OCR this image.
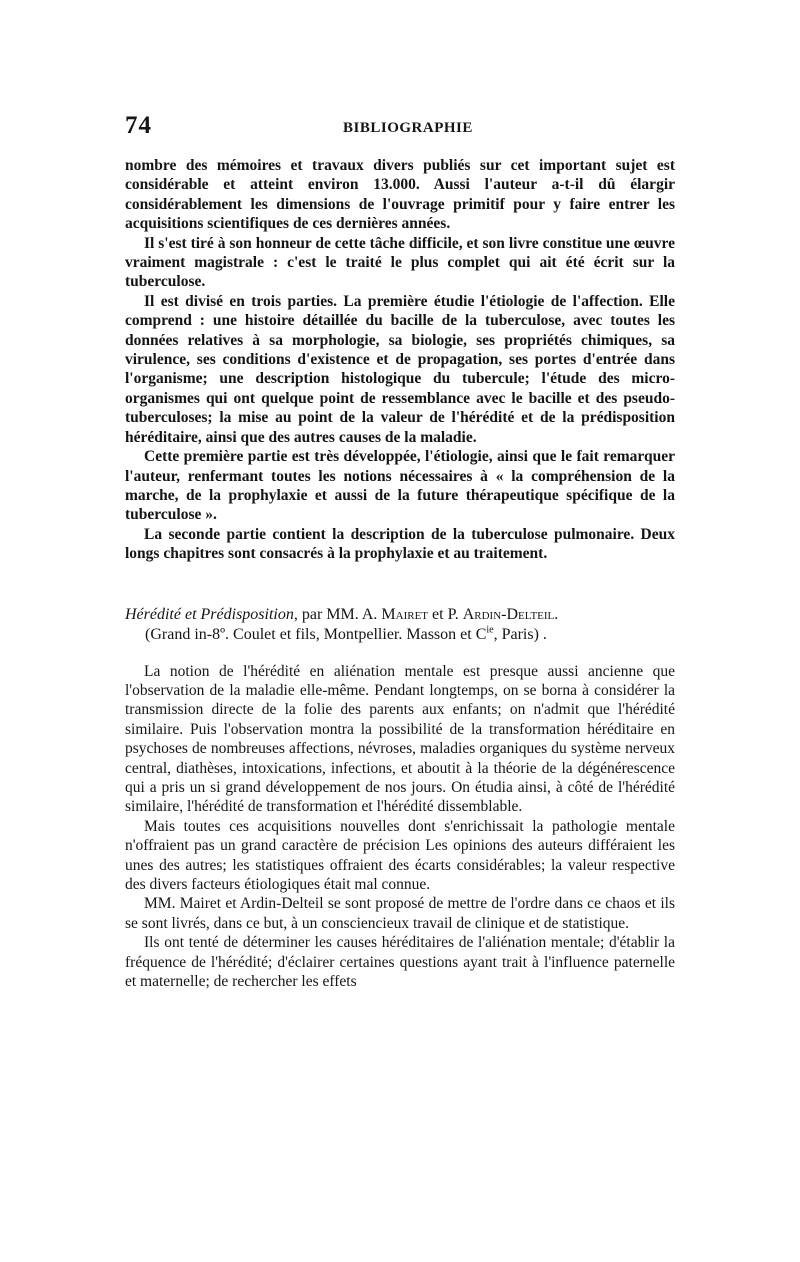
74	BIBLIOGRAPHIE

nombre des mémoires et travaux divers publiés sur cet important sujet est considérable et atteint environ 13.000. Aussi l'auteur a-t-il dû élargir considérablement les dimensions de l'ouvrage primitif pour y faire entrer les acquisitions scientifiques de ces dernières années.

Il s'est tiré à son honneur de cette tâche difficile, et son livre constitue une œuvre vraiment magistrale : c'est le traité le plus complet qui ait été écrit sur la tuberculose.

Il est divisé en trois parties. La première étudie l'étiologie de l'affection. Elle comprend : une histoire détaillée du bacille de la tuberculose, avec toutes les données relatives à sa morphologie, sa biologie, ses propriétés chimiques, sa virulence, ses conditions d'existence et de propagation, ses portes d'entrée dans l'organisme; une description histologique du tubercule; l'étude des micro-organismes qui ont quelque point de ressemblance avec le bacille et des pseudo-tuberculoses; la mise au point de la valeur de l'hérédité et de la prédisposition héréditaire, ainsi que des autres causes de la maladie.

Cette première partie est très développée, l'étiologie, ainsi que le fait remarquer l'auteur, renfermant toutes les notions nécessaires à « la compréhension de la marche, de la prophylaxie et aussi de la future thérapeutique spécifique de la tuberculose ».

La seconde partie contient la description de la tuberculose pulmonaire. Deux longs chapitres sont consacrés à la prophylaxie et au traitement.

Hérédité et Prédisposition, par MM. A. Mairet et P. Ardin-Delteil.
(Grand in-8º. Coulet et fils, Montpellier. Masson et $C^{ie}$, Paris) .

La notion de l'hérédité en aliénation mentale est presque aussi ancienne que l'observation de la maladie elle-même. Pendant longtemps, on se borna à considérer la transmission directe de la folie des parents aux enfants; on n'admit que l'hérédité similaire. Puis l'observation montra la possibilité de la transformation héréditaire en psychoses de nombreuses affections, névroses, maladies organiques du système nerveux central, diathèses, intoxications, infections, et aboutit à la théorie de la dégénérescence qui a pris un si grand développement de nos jours. On étudia ainsi, à côté de l'hérédité similaire, l'hérédité de transformation et l'hérédité dissemblable.

Mais toutes ces acquisitions nouvelles dont s'enrichissait la pathologie mentale n'offraient pas un grand caractère de précision Les opinions des auteurs différaient les unes des autres; les statistiques offraient des écarts considérables; la valeur respective des divers facteurs étiologiques était mal connue.

MM. Mairet et Ardin-Delteil se sont proposé de mettre de l'ordre dans ce chaos et ils se sont livrés, dans ce but, à un consciencieux travail de clinique et de statistique.

Ils ont tenté de déterminer les causes héréditaires de l'aliénation mentale; d'établir la fréquence de l'hérédité; d'éclairer certaines questions ayant trait à l'influence paternelle et maternelle; de rechercher les effets
